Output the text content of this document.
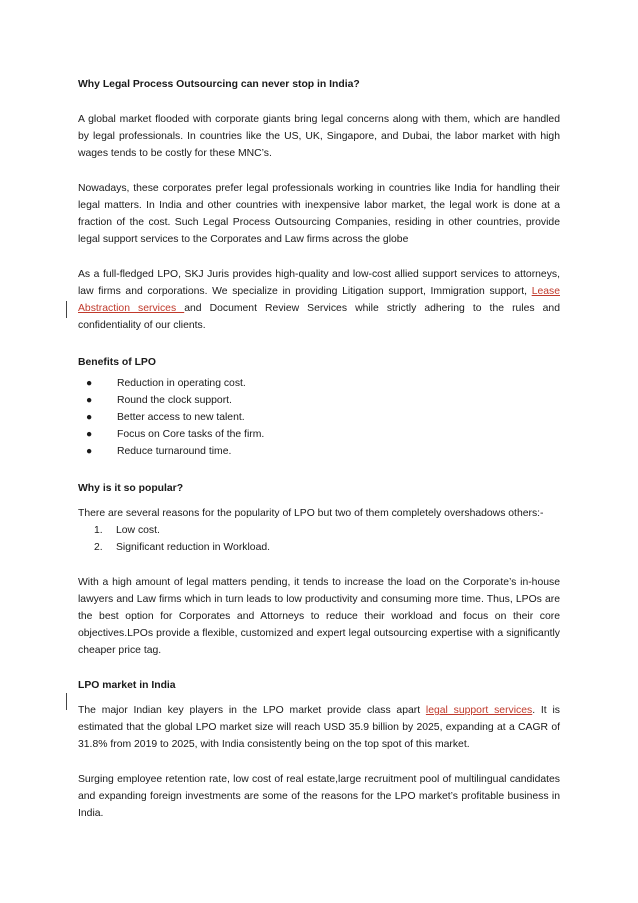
Why Legal Process Outsourcing can never stop in India?

A global market flooded with corporate giants bring legal concerns along with them, which are handled by legal professionals. In countries like the US, UK, Singapore, and Dubai, the labor market with high wages tends to be costly for these MNC’s.

Nowadays, these corporates prefer legal professionals working in countries like India for handling their legal matters. In India and other countries with inexpensive labor market, the legal work is done at a fraction of the cost. Such Legal Process Outsourcing Companies, residing in other countries, provide legal support services to the Corporates and Law firms across the globe

As a full-fledged LPO, SKJ Juris provides high-quality and low-cost allied support services to attorneys, law firms and corporations. We specialize in providing Litigation support, Immigration support, Lease Abstraction services and Document Review Services while strictly adhering to the rules and confidentiality of our clients.

Benefits of LPO
● Reduction in operating cost.
● Round the clock support.
● Better access to new talent.
● Focus on Core tasks of the firm.
● Reduce turnaround time.
Why is it so popular?

There are several reasons for the popularity of LPO but two of them completely overshadows others:-

1. Low cost.
2. Significant reduction in Workload.

With a high amount of legal matters pending, it tends to increase the load on the Corporate’s in-house lawyers and Law firms which in turn leads to low productivity and consuming more time. Thus, LPOs are the best option for Corporates and Attorneys to reduce their workload and focus on their core objectives.LPOs provide a flexible, customized and expert legal outsourcing expertise with a significantly cheaper price tag.

LPO market in India

The major Indian key players in the LPO market provide class apart legal support services. It is estimated that the global LPO market size will reach USD 35.9 billion by 2025, expanding at a CAGR of 31.8% from 2019 to 2025, with India consistently being on the top spot of this market.

Surging employee retention rate, low cost of real estate,large recruitment pool of multilingual candidates and expanding foreign investments are some of the reasons for the LPO market’s profitable business in India.
